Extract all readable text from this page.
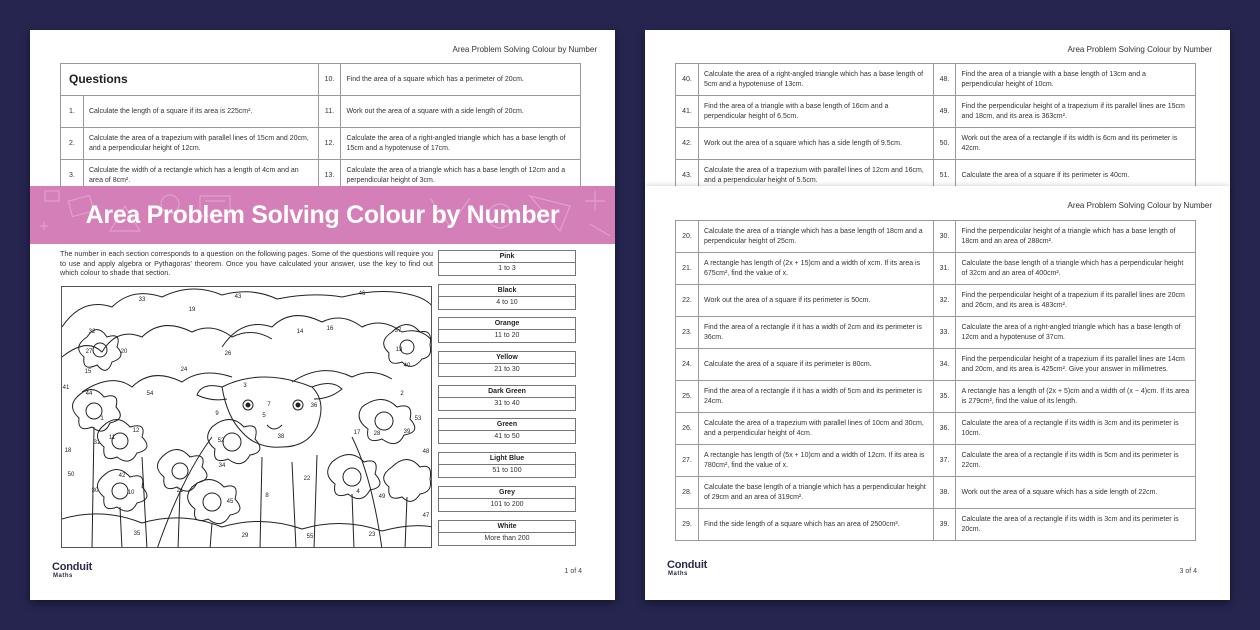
Area Problem Solving Colour by Number
Questions		10.	Find the area of a square which has a perimeter of 20cm.
1.	Calculate the length of a square if its area is 225cm².	11.	Work out the area of a square with a side length of 20cm.
2.	Calculate the area of a trapezium with parallel lines of 15cm and 20cm, and a perpendicular height of 12cm.	12.	Calculate the area of a right-angled triangle which has a base length of 15cm and a hypotenuse of 17cm.
3.	Calculate the width of a rectangle which has a length of 4cm and an area of 8cm².	13.	Calculate the area of a triangle which has a base length of 12cm and a perpendicular height of 3cm.
The number in each section corresponds to a question on the following pages. Some of the questions will require you to use and apply algebra or Pythagoras' theorem. Once you have calculated your answer, use the key to find out which colour to shade that section.
33	43	46
19
14	16	37
32
27	20	13
26
24
15
40
41	3
54
44
5
2
7	36
9
1
12
53
17 28	39
11	52
38
31
18
34
48
42
21
45
22
4
49
50
30	10	8
35	29	55	23
47
Pink
1 to 3
Black
4 to 10
Orange
11 to 20
Yellow
21 to 30
Dark Green
31 to 40
Green
41 to 50
Light Blue
51 to 100
Grey
101 to 200
White
More than 200
Conduit
Maths
1 of 4
Area Problem Solving Colour by Number
40.	Calculate the area of a right-angled triangle which has a base length of 5cm and a hypotenuse of 13cm.	48.	Find the area of a triangle with a base length of 13cm and a perpendicular height of 10cm.
41.	Find the area of a triangle with a base length of 16cm and a perpendicular height of 6.5cm.	49.	Find the perpendicular height of a trapezium if its parallel lines are 15cm and 18cm, and its area is 363cm².
42.	Work out the area of a square which has a side length of 9.5cm.	50.	Work out the area of a rectangle if its width is 6cm and its perimeter is 42cm.
43.	Calculate the area of a trapezium with parallel lines of 12cm and 16cm, and a perpendicular height of 5.5cm.	51.	Calculate the area of a square if its perimeter is 40cm.
Area Problem Solving Colour by Number
20.	Calculate the area of a triangle which has a base length of 18cm and a perpendicular height of 25cm.	30.	Find the perpendicular height of a triangle which has a base length of 18cm and an area of 288cm².
21.	A rectangle has length of (2x + 15)cm and a width of xcm. If its area is 675cm², find the value of x.	31.	Calculate the base length of a triangle which has a perpendicular height of 32cm and an area of 400cm².
22.	Work out the area of a square if its perimeter is 50cm.	32.	Find the perpendicular height of a trapezium if its parallel lines are 20cm and 26cm, and its area is 483cm².
23.	Find the area of a rectangle if it has a width of 2cm and its perimeter is 36cm.	33.	Calculate the area of a right-angled triangle which has a base length of 12cm and a hypotenuse of 37cm.
24.	Calculate the area of a square if its perimeter is 80cm.	34.	Find the perpendicular height of a trapezium if its parallel lines are 14cm and 20cm, and its area is 425cm². Give your answer in millimetres.
25.	Find the area of a rectangle if it has a width of 5cm and its perimeter is 24cm.	35.	A rectangle has a length of (2x + 5)cm and a width of (x − 4)cm. If its area is 279cm², find the value of its length.
26.	Calculate the area of a trapezium with parallel lines of 10cm and 30cm, and a perpendicular height of 4cm.	36.	Calculate the area of a rectangle if its width is 3cm and its perimeter is 10cm.
27.	A rectangle has length of (5x + 10)cm and a width of 12cm. If its area is 780cm², find the value of x.	37.	Calculate the area of a rectangle if its width is 5cm and its perimeter is 22cm.
28.	Calculate the base length of a triangle which has a perpendicular height of 29cm and an area of 319cm².	38.	Work out the area of a square which has a side length of 22cm.
29.	Find the side length of a square which has an area of 2500cm².	39.	Calculate the area of a rectangle if its width is 3cm and its perimeter is 20cm.
Conduit
Maths	3 of 4
Area Problem Solving Colour by Number
